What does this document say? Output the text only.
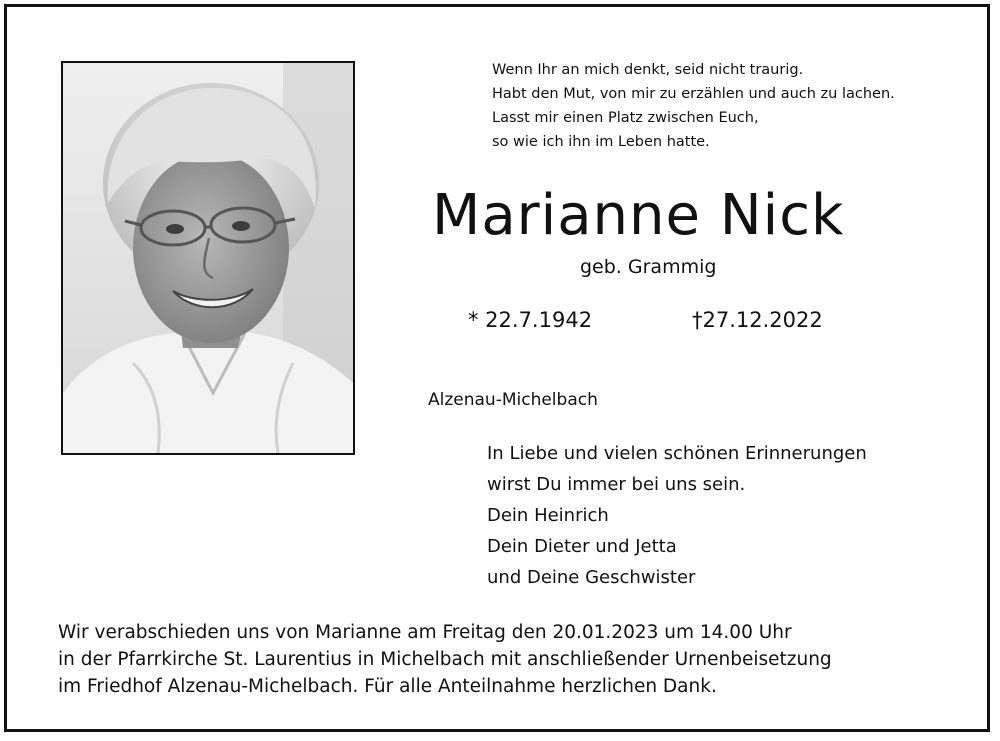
Wenn Ihr an mich denkt, seid nicht traurig.
Habt den Mut, von mir zu erzählen und auch zu lachen.
Lasst mir einen Platz zwischen Euch,
so wie ich ihn im Leben hatte.
Marianne Nick
geb. Grammig
* 22.7.1942	†27.12.2022
Alzenau-Michelbach
In Liebe und vielen schönen Erinnerungen
wirst Du immer bei uns sein.
Dein Heinrich
Dein Dieter und Jetta
und Deine Geschwister
Wir verabschieden uns von Marianne am Freitag den 20.01.2023 um 14.00 Uhr
in der Pfarrkirche St. Laurentius in Michelbach mit anschließender Urnenbeisetzung
im Friedhof Alzenau-Michelbach. Für alle Anteilnahme herzlichen Dank.
